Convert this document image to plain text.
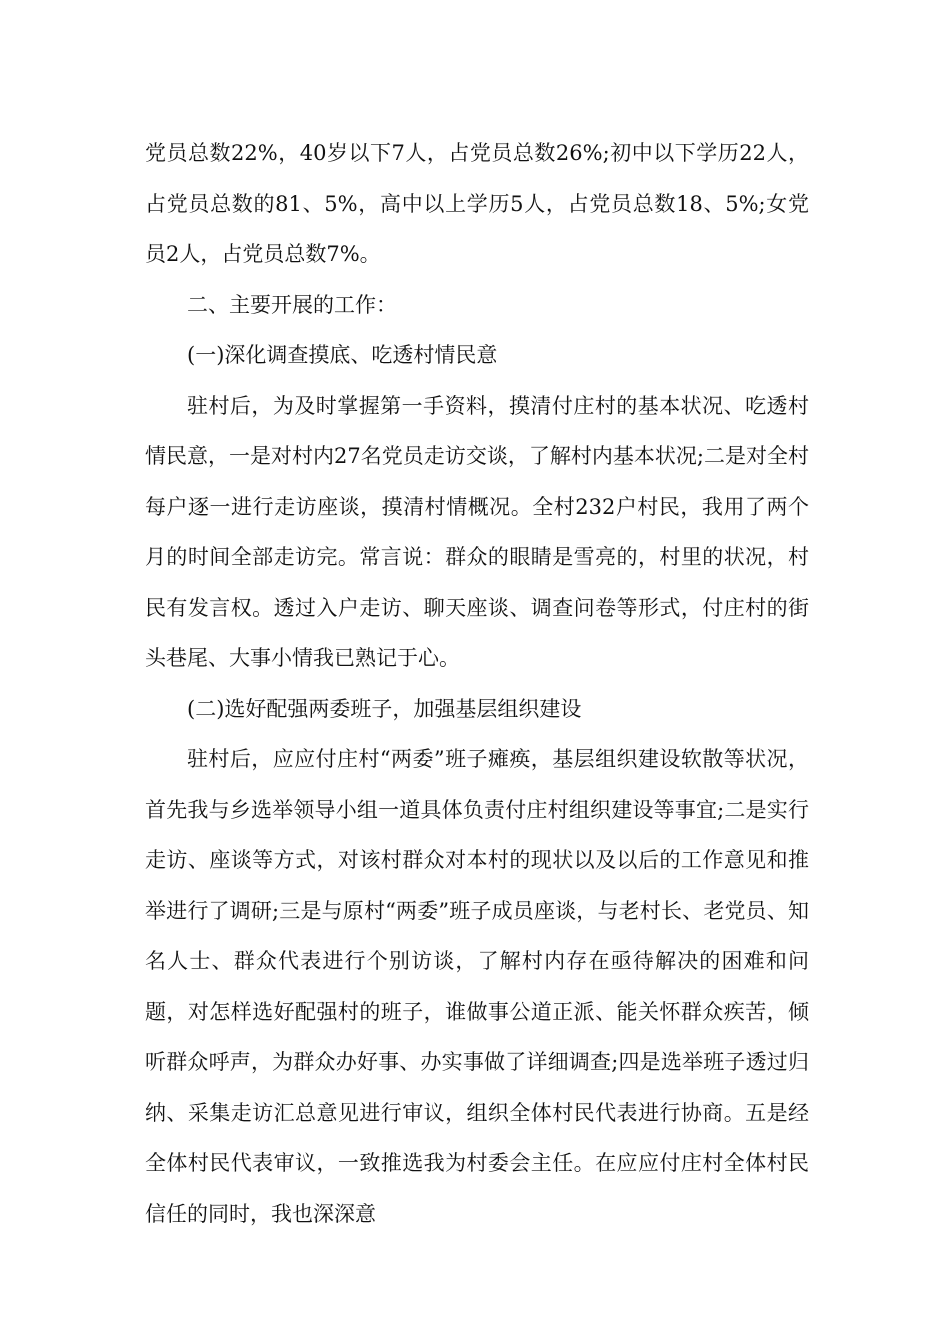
党员总数22%，40岁以下7人，占党员总数26%;初中以下学历22人，占党员总数的81、5%，高中以上学历5人，占党员总数18、5%;女党员2人，占党员总数7%。

二、主要开展的工作：

(一)深化调查摸底、吃透村情民意

驻村后，为及时掌握第一手资料，摸清付庄村的基本状况、吃透村情民意，一是对村内27名党员走访交谈，了解村内基本状况;二是对全村每户逐一进行走访座谈，摸清村情概况。全村232户村民，我用了两个月的时间全部走访完。常言说：群众的眼睛是雪亮的，村里的状况，村民有发言权。透过入户走访、聊天座谈、调查问卷等形式，付庄村的街头巷尾、大事小情我已熟记于心。

(二)选好配强两委班子，加强基层组织建设

驻村后，应应付庄村“两委”班子瘫痪，基层组织建设软散等状况，首先我与乡选举领导小组一道具体负责付庄村组织建设等事宜;二是实行走访、座谈等方式，对该村群众对本村的现状以及以后的工作意见和推举进行了调研;三是与原村“两委”班子成员座谈，与老村长、老党员、知名人士、群众代表进行个别访谈，了解村内存在亟待解决的困难和问题，对怎样选好配强村的班子，谁做事公道正派、能关怀群众疾苦，倾听群众呼声，为群众办好事、办实事做了详细调查;四是选举班子透过归纳、采集走访汇总意见进行审议，组织全体村民代表进行协商。五是经全体村民代表审议，一致推选我为村委会主任。在应应付庄村全体村民信任的同时，我也深深意
